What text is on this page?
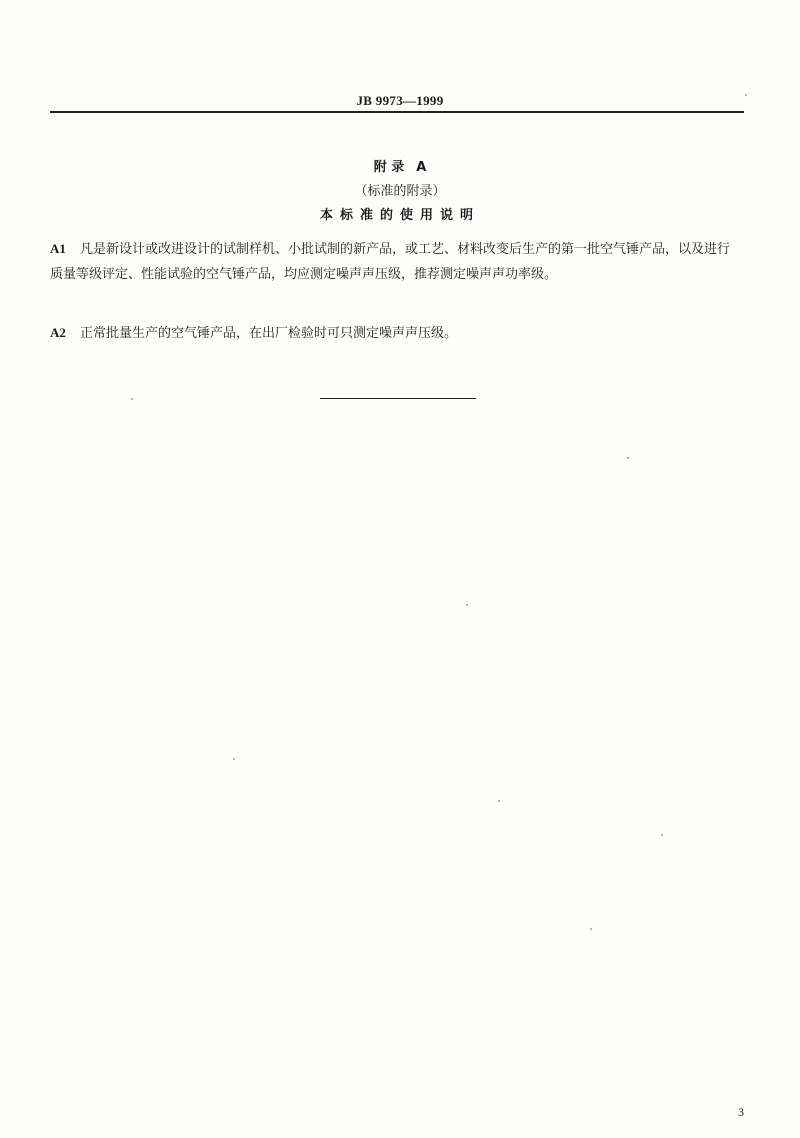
JB 9973—1999
附 录 A
（标准的附录）
本标准的使用说明
A1 凡是新设计或改进设计的试制样机、小批试制的新产品，或工艺、材料改变后生产的第一批空气锤产品，以及进行质量等级评定、性能试验的空气锤产品，均应测定噪声声压级，推荐测定噪声声功率级。
A2 正常批量生产的空气锤产品，在出厂检验时可只测定噪声声压级。
3
